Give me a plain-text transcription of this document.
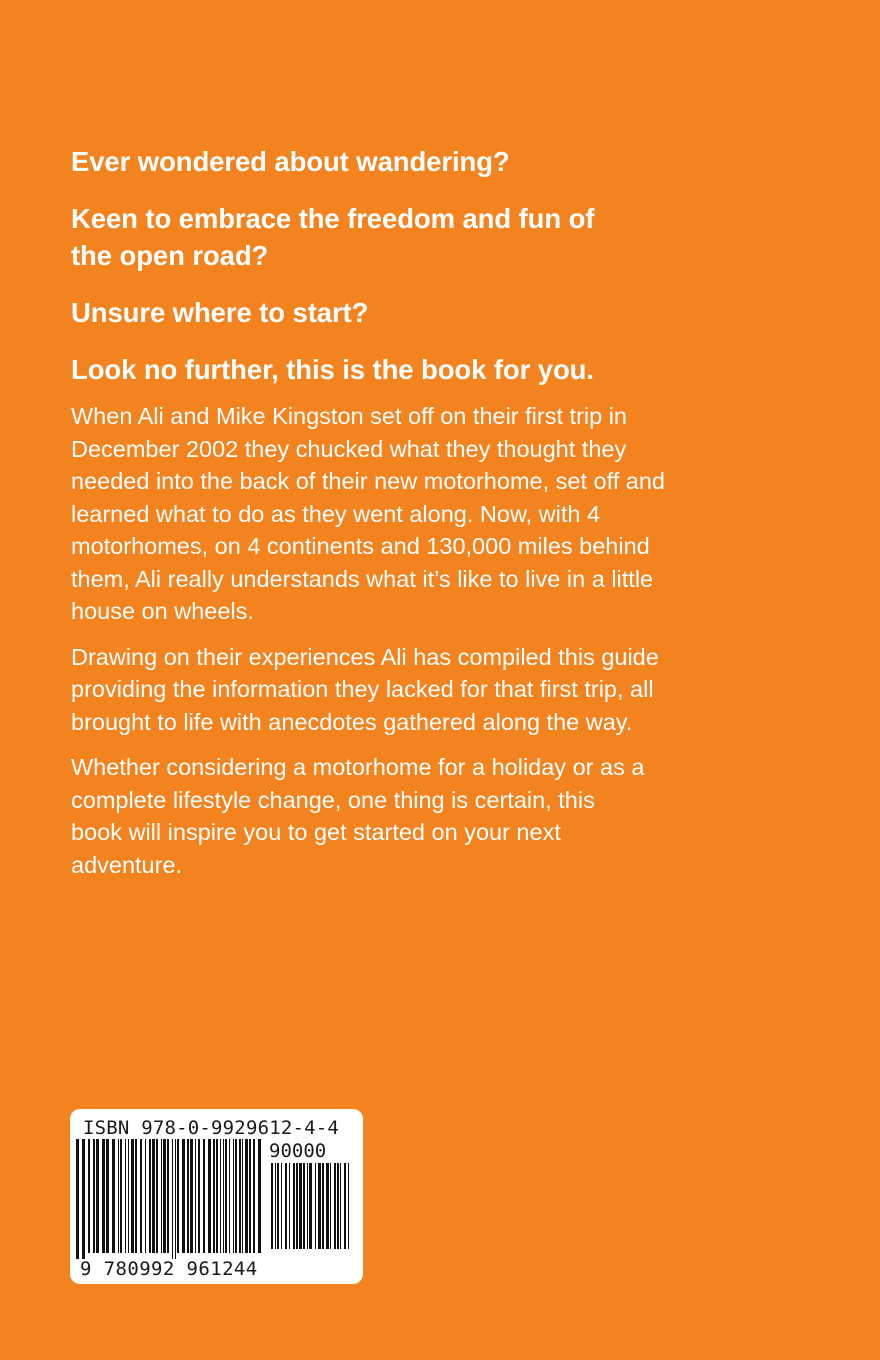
Ever wondered about wandering?

Keen to embrace the freedom and fun of the open road?

Unsure where to start?

Look no further, this is the book for you.

When Ali and Mike Kingston set off on their first trip in December 2002 they chucked what they thought they needed into the back of their new motorhome, set off and learned what to do as they went along. Now, with 4 motorhomes, on 4 continents and 130,000 miles behind them, Ali really understands what it’s like to live in a little house on wheels.

Drawing on their experiences Ali has compiled this guide providing the information they lacked for that first trip, all brought to life with anecdotes gathered along the way.

Whether considering a motorhome for a holiday or as a complete lifestyle change, one thing is certain, this book will inspire you to get started on your next adventure.

ISBN 978-0-9929612-4-4
90000
9 780992 961244
